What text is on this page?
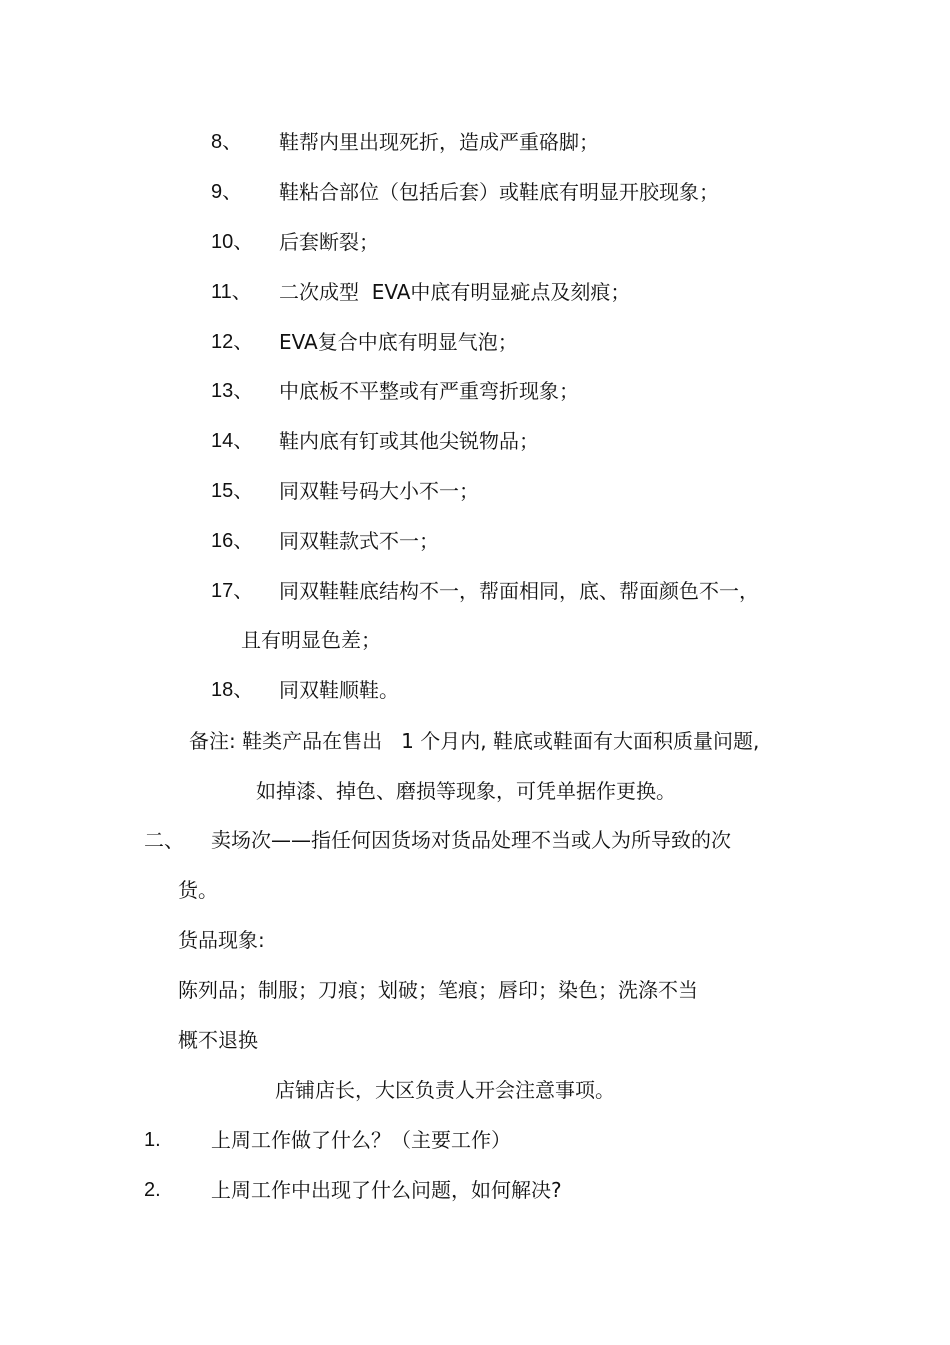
8、 鞋帮内里出现死折，造成严重硌脚；
9、 鞋粘合部位（包括后套）或鞋底有明显开胶现象；
10、 后套断裂；
11、 二次成型  EVA中底有明显疵点及刻痕；
12、 EVA复合中底有明显气泡；
13、 中底板不平整或有严重弯折现象；
14、 鞋内底有钉或其他尖锐物品；
15、 同双鞋号码大小不一；
16、 同双鞋款式不一；
17、 同双鞋鞋底结构不一，帮面相同，底、帮面颜色不一，
且有明显色差；
18、 同双鞋顺鞋。
备注: 鞋类产品在售出   1 个月内, 鞋底或鞋面有大面积质量问题,
如掉漆、掉色、磨损等现象，可凭单据作更换。
二、 卖场次——指任何因货场对货品处理不当或人为所导致的次
货。
货品现象:
陈列品；制服；刀痕；划破；笔痕；唇印；染色；洗涤不当
概不退换
店铺店长，大区负责人开会注意事项。
1.	上周工作做了什么？（主要工作）
2.	上周工作中出现了什么问题，如何解决?
